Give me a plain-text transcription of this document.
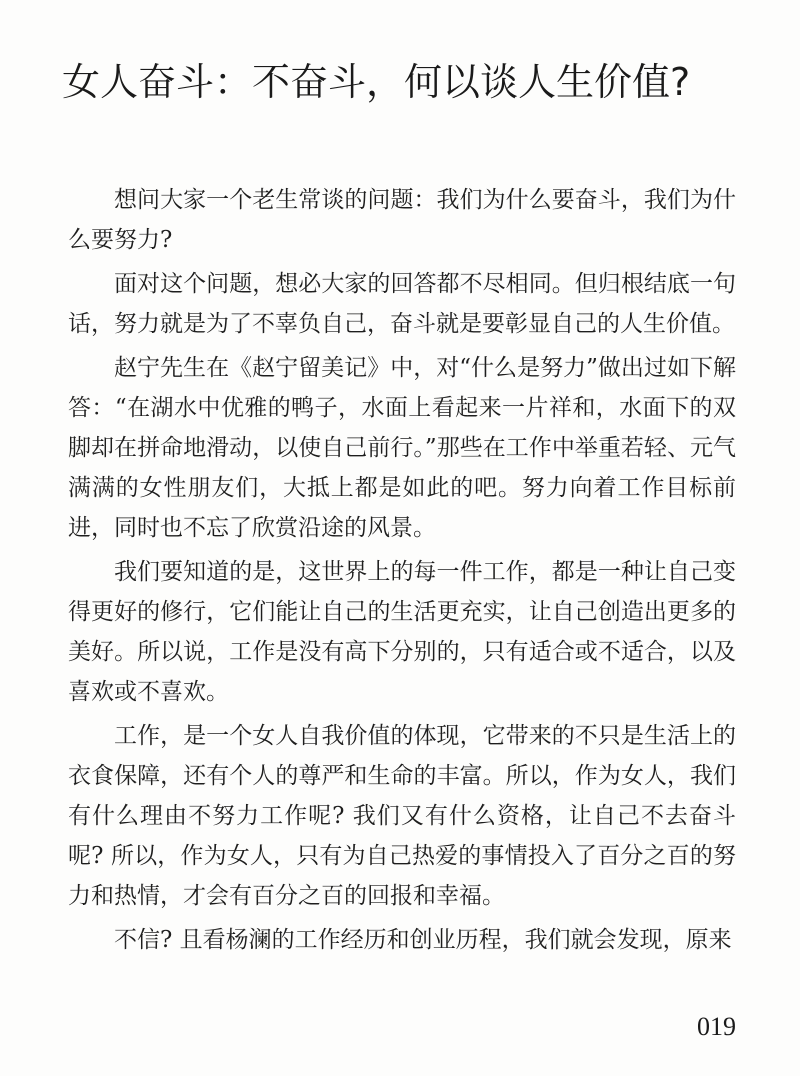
女人奋斗：不奋斗，何以谈人生价值?

想问大家一个老生常谈的问题：我们为什么要奋斗，我们为什么要努力?

面对这个问题，想必大家的回答都不尽相同。但归根结底一句话，努力就是为了不辜负自己，奋斗就是要彰显自己的人生价值。

赵宁先生在《赵宁留美记》中，对“什么是努力”做出过如下解答：“在湖水中优雅的鸭子，水面上看起来一片祥和，水面下的双脚却在拼命地滑动，以使自己前行。”那些在工作中举重若轻、元气满满的女性朋友们，大抵上都是如此的吧。努力向着工作目标前进，同时也不忘了欣赏沿途的风景。

我们要知道的是，这世界上的每一件工作，都是一种让自己变得更好的修行，它们能让自己的生活更充实，让自己创造出更多的美好。所以说，工作是没有高下分别的，只有适合或不适合，以及喜欢或不喜欢。

工作，是一个女人自我价值的体现，它带来的不只是生活上的衣食保障，还有个人的尊严和生命的丰富。所以，作为女人，我们有什么理由不努力工作呢? 我们又有什么资格，让自己不去奋斗呢? 所以，作为女人，只有为自己热爱的事情投入了百分之百的努力和热情，才会有百分之百的回报和幸福。

不信? 且看杨澜的工作经历和创业历程，我们就会发现，原来

019
